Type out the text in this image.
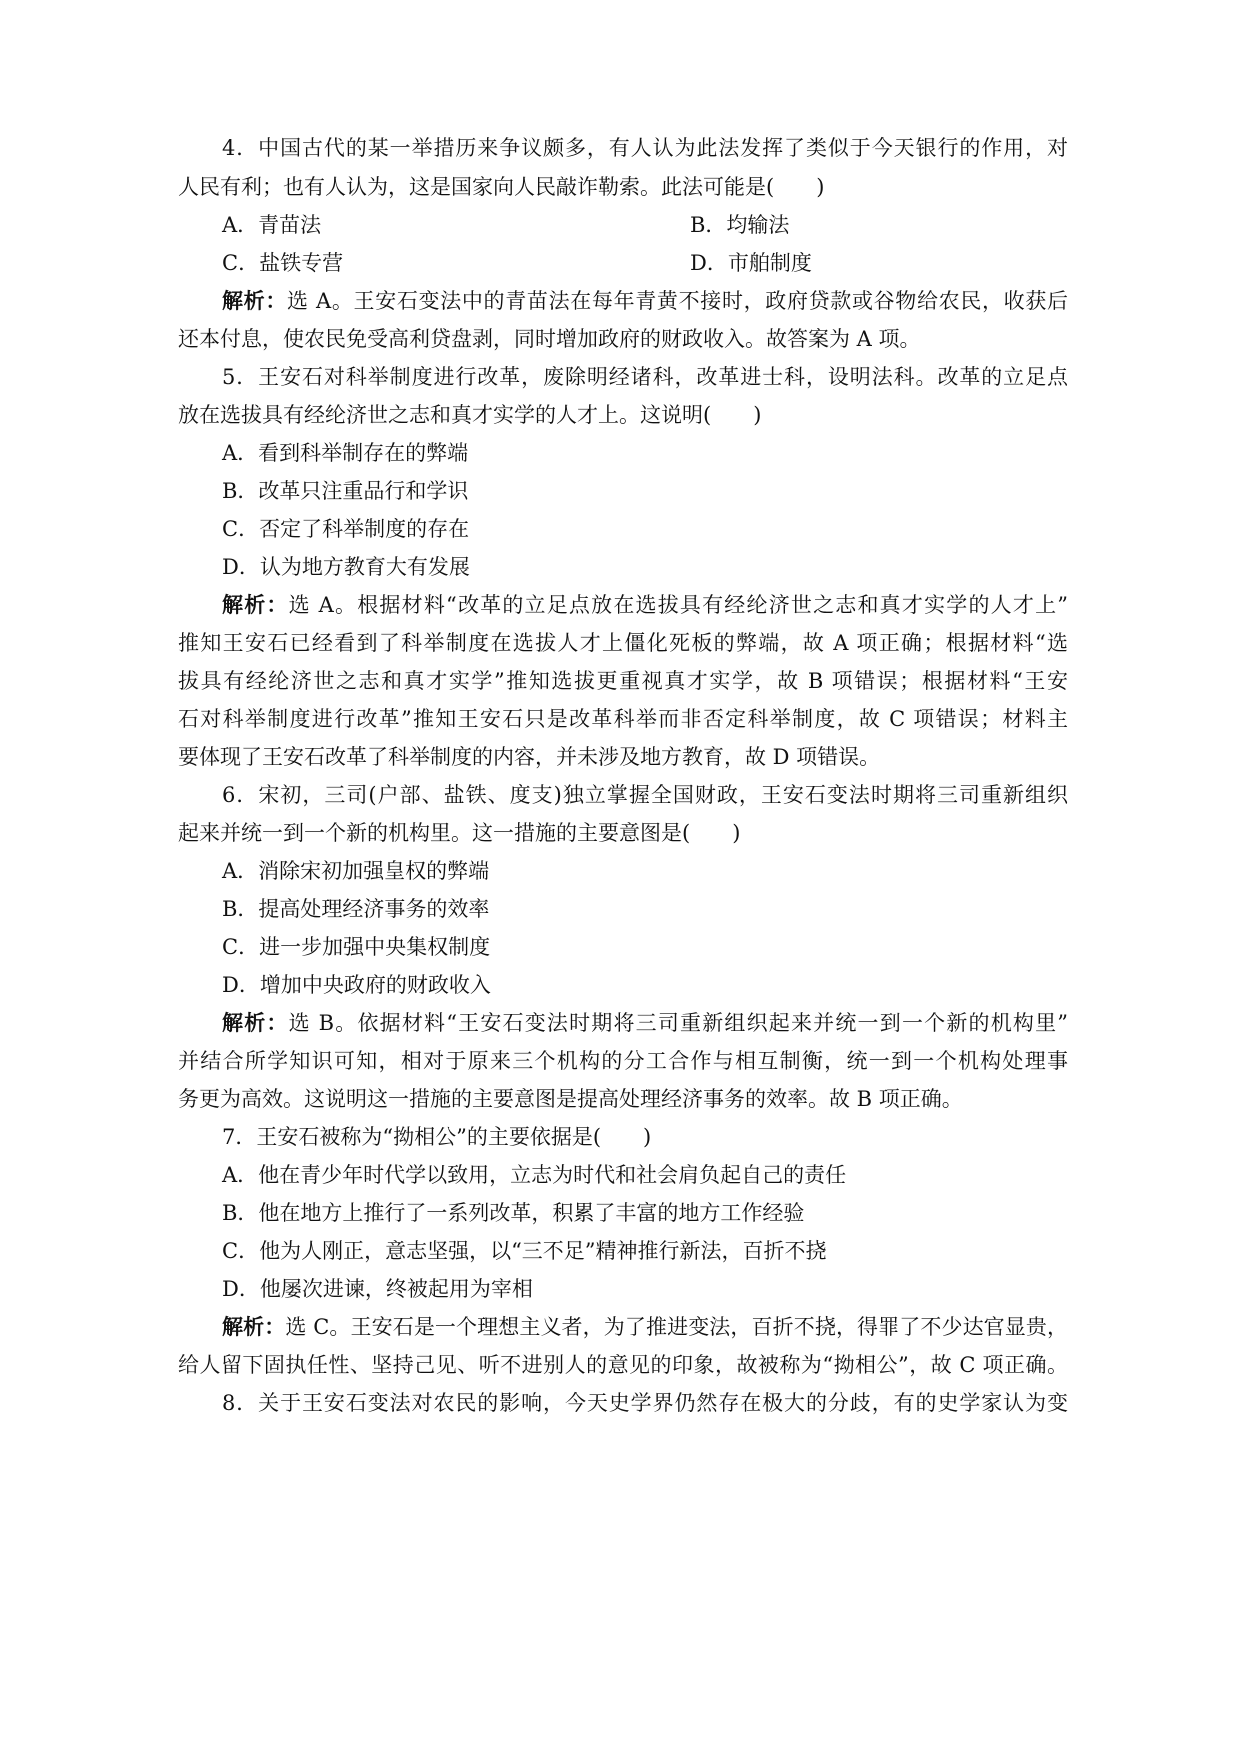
4．中国古代的某一举措历来争议颇多，有人认为此法发挥了类似于今天银行的作用，对
人民有利；也有人认为，这是国家向人民敲诈勒索。此法可能是(　　)
A．青苗法	B．均输法
C．盐铁专营	D．市舶制度
解析：选 A。王安石变法中的青苗法在每年青黄不接时，政府贷款或谷物给农民，收获后
还本付息，使农民免受高利贷盘剥，同时增加政府的财政收入。故答案为 A 项。
5．王安石对科举制度进行改革，废除明经诸科，改革进士科，设明法科。改革的立足点
放在选拔具有经纶济世之志和真才实学的人才上。这说明(　　)
A．看到科举制存在的弊端
B．改革只注重品行和学识
C．否定了科举制度的存在
D．认为地方教育大有发展
解析：选 A。根据材料“改革的立足点放在选拔具有经纶济世之志和真才实学的人才上”
推知王安石已经看到了科举制度在选拔人才上僵化死板的弊端，故 A 项正确；根据材料“选
拔具有经纶济世之志和真才实学”推知选拔更重视真才实学，故 B 项错误；根据材料“王安
石对科举制度进行改革”推知王安石只是改革科举而非否定科举制度，故 C 项错误；材料主
要体现了王安石改革了科举制度的内容，并未涉及地方教育，故 D 项错误。
6．宋初，三司(户部、盐铁、度支)独立掌握全国财政，王安石变法时期将三司重新组织
起来并统一到一个新的机构里。这一措施的主要意图是(　　)
A．消除宋初加强皇权的弊端
B．提高处理经济事务的效率
C．进一步加强中央集权制度
D．增加中央政府的财政收入
解析：选 B。依据材料“王安石变法时期将三司重新组织起来并统一到一个新的机构里”
并结合所学知识可知，相对于原来三个机构的分工合作与相互制衡，统一到一个机构处理事
务更为高效。这说明这一措施的主要意图是提高处理经济事务的效率。故 B 项正确。
7．王安石被称为“拗相公”的主要依据是(　　)
A．他在青少年时代学以致用，立志为时代和社会肩负起自己的责任
B．他在地方上推行了一系列改革，积累了丰富的地方工作经验
C．他为人刚正，意志坚强，以“三不足”精神推行新法，百折不挠
D．他屡次进谏，终被起用为宰相
解析：选 C。王安石是一个理想主义者，为了推进变法，百折不挠，得罪了不少达官显贵，
给人留下固执任性、坚持己见、听不进别人的意见的印象，故被称为“拗相公”，故 C 项正确。
8．关于王安石变法对农民的影响，今天史学界仍然存在极大的分歧，有的史学家认为变
